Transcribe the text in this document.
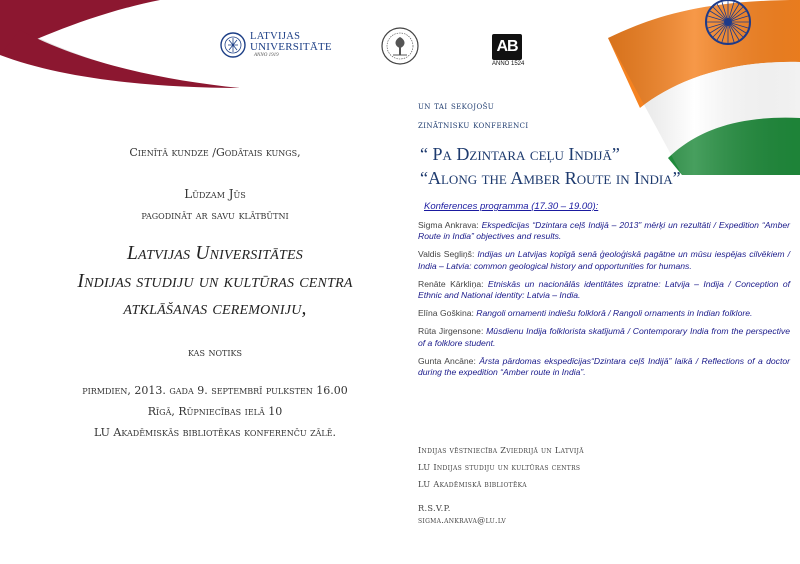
LATVIJAS
UNIVERSITĀTE
ANNO 1919
AB
ANNO 1524
Cienītā kundze /Godātais kungs,
Lūdzam Jūs
pagodināt ar savu klātbūtni
Latvijas Universitātes
Indijas studiju un kultūras centra
atklāšanas ceremoniju,
kas notiks
pirmdien, 2013. gada 9. septembrī pulksten 16.00
Rīgā, Rūpniecības ielā 10
LU Akadēmiskās bibliotēkas konferenču zālē.
un tai sekojošu
zinātnisku konferenci
“ Pa Dzintara ceļu Indijā”
“Along the Amber Route in India”
Konferences programma (17.30 – 19.00):
Sigma Ankrava: Ekspedīcijas “Dzintara ceļš Indijā – 2013” mērķi un rezultāti / Expedition “Amber Route in India” objectives and results.
Valdis Segliņš: Indijas un Latvijas kopīgā senā ģeoloģiskā pagātne un mūsu iespējas cilvēkiem / India – Latvia: common geological history and opportunities for humans.
Renāte Kārkliņa: Etniskās un nacionālās identitātes izpratne: Latvija – Indija / Conception of Ethnic and National identity: Latvia – India.
Elīna Goškina: Rangoli ornamenti indiešu folklorā / Rangoli ornaments in Indian folklore.
Rūta Jirgensone: Mūsdienu Indija folkloristа skatījumā / Contemporary India from the perspective of a folklore student.
Gunta Ancāne: Ārsta pārdomas ekspedīcijas“Dzintara ceļš Indijā” laikā / Reflections of a doctor during the expedition “Amber route in India”.
Indijas vēstniecība Zviedrijā un Latvijā
LU Indijas studiju un kultūras centrs
LU Akadēmiskā bibliotēka
R.S.V.P.
sigma.ankrava@lu.lv
